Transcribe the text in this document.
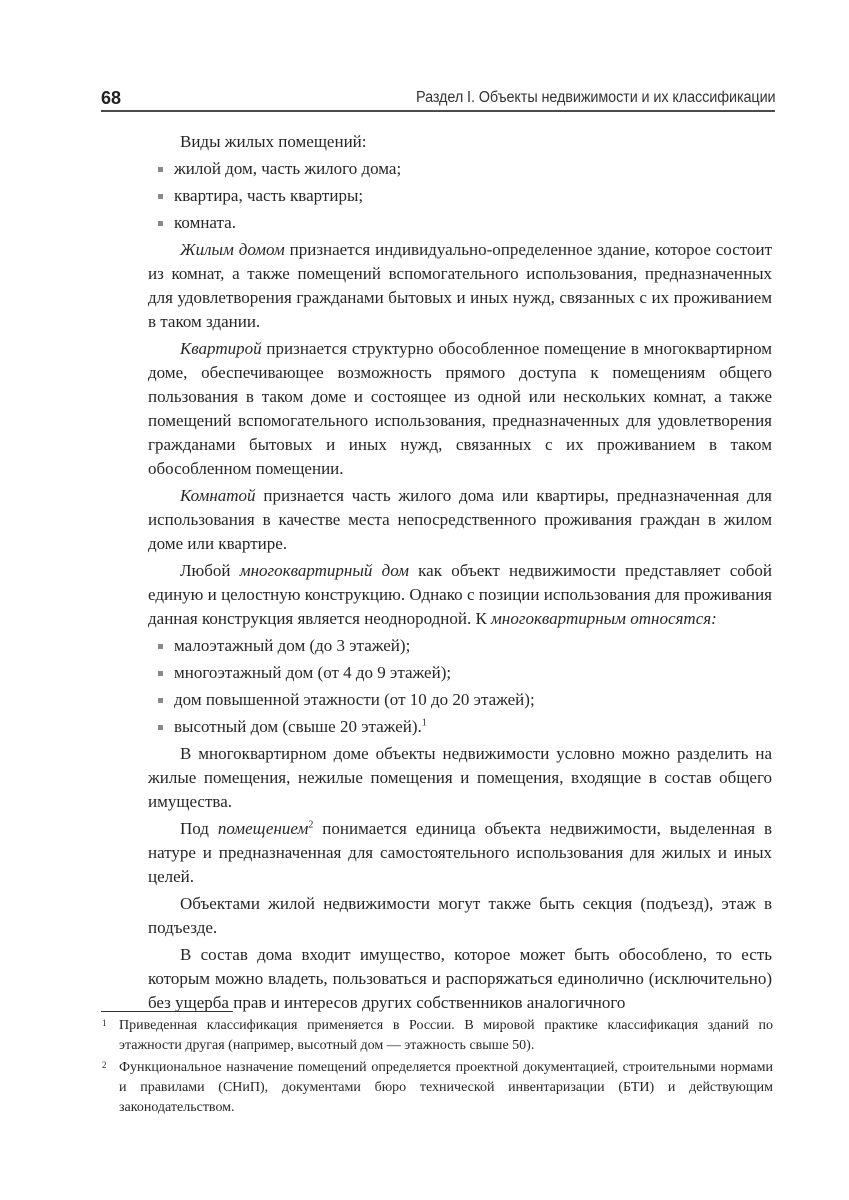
68	Раздел I. Объекты недвижимости и их классификации
Виды жилых помещений:
жилой дом, часть жилого дома;
квартира, часть квартиры;
комната.

Жилым домом признается индивидуально-определенное здание, которое состоит из комнат, а также помещений вспомогательного использования, предназначенных для удовлетворения гражданами бытовых и иных нужд, связанных с их проживанием в таком здании.

Квартирой признается структурно обособленное помещение в многоквартирном доме, обеспечивающее возможность прямого доступа к помещениям общего пользования в таком доме и состоящее из одной или нескольких комнат, а также помещений вспомогательного использования, предназначенных для удовлетворения гражданами бытовых и иных нужд, связанных с их проживанием в таком обособленном помещении.

Комнатой признается часть жилого дома или квартиры, предназначенная для использования в качестве места непосредственного проживания граждан в жилом доме или квартире.

Любой многоквартирный дом как объект недвижимости представляет собой единую и целостную конструкцию. Однако с позиции использования для проживания данная конструкция является неоднородной. К многоквартирным относятся:

малоэтажный дом (до 3 этажей);
многоэтажный дом (от 4 до 9 этажей);
дом повышенной этажности (от 10 до 20 этажей);
высотный дом (свыше 20 этажей).$^1$

В многоквартирном доме объекты недвижимости условно можно разделить на жилые помещения, нежилые помещения и помещения, входящие в состав общего имущества.

Под помещением$^2$ понимается единица объекта недвижимости, выделенная в натуре и предназначенная для самостоятельного использования для жилых и иных целей.

Объектами жилой недвижимости могут также быть секция (подъезд), этаж в подъезде.

В состав дома входит имущество, которое может быть обособлено, то есть которым можно владеть, пользоваться и распоряжаться единолично (исключительно) без ущерба прав и интересов других собственников аналогичного

1 Приведенная классификация применяется в России. В мировой практике классификация зданий по этажности другая (например, высотный дом — этажность свыше 50).
2 Функциональное назначение помещений определяется проектной документацией, строительными нормами и правилами (СНиП), документами бюро технической инвентаризации (БТИ) и действующим законодательством.
